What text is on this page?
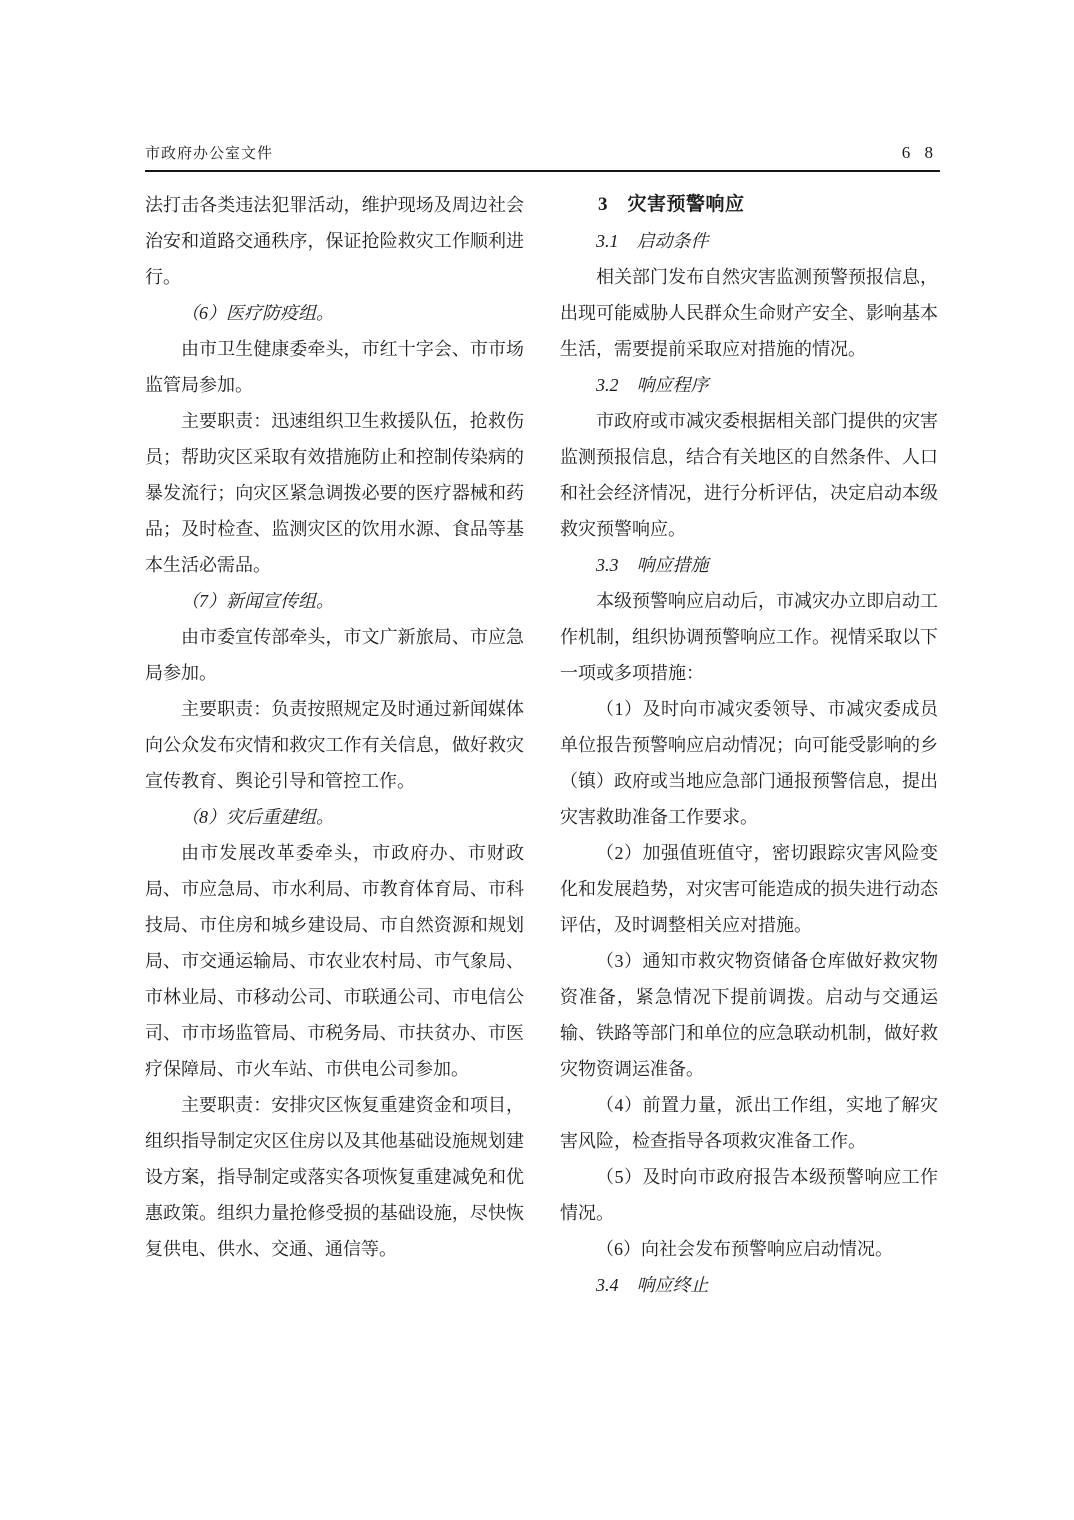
市政府办公室文件	6 8

法打击各类违法犯罪活动，维护现场及周边社会治安和道路交通秩序，保证抢险救灾工作顺利进行。

（6）医疗防疫组。

由市卫生健康委牵头，市红十字会、市市场监管局参加。

主要职责：迅速组织卫生救援队伍，抢救伤员；帮助灾区采取有效措施防止和控制传染病的暴发流行；向灾区紧急调拨必要的医疗器械和药品；及时检查、监测灾区的饮用水源、食品等基本生活必需品。

（7）新闻宣传组。

由市委宣传部牵头，市文广新旅局、市应急局参加。

主要职责：负责按照规定及时通过新闻媒体向公众发布灾情和救灾工作有关信息，做好救灾宣传教育、舆论引导和管控工作。

（8）灾后重建组。

由市发展改革委牵头，市政府办、市财政局、市应急局、市水利局、市教育体育局、市科技局、市住房和城乡建设局、市自然资源和规划局、市交通运输局、市农业农村局、市气象局、市林业局、市移动公司、市联通公司、市电信公司、市市场监管局、市税务局、市扶贫办、市医疗保障局、市火车站、市供电公司参加。

主要职责：安排灾区恢复重建资金和项目，组织指导制定灾区住房以及其他基础设施规划建设方案，指导制定或落实各项恢复重建减免和优惠政策。组织力量抢修受损的基础设施，尽快恢复供电、供水、交通、通信等。

3　灾害预警响应

3.1　启动条件

相关部门发布自然灾害监测预警预报信息，出现可能威胁人民群众生命财产安全、影响基本生活，需要提前采取应对措施的情况。

3.2　响应程序

市政府或市减灾委根据相关部门提供的灾害监测预报信息，结合有关地区的自然条件、人口和社会经济情况，进行分析评估，决定启动本级救灾预警响应。

3.3　响应措施

本级预警响应启动后，市减灾办立即启动工作机制，组织协调预警响应工作。视情采取以下一项或多项措施：

（1）及时向市减灾委领导、市减灾委成员单位报告预警响应启动情况；向可能受影响的乡（镇）政府或当地应急部门通报预警信息，提出灾害救助准备工作要求。

（2）加强值班值守，密切跟踪灾害风险变化和发展趋势，对灾害可能造成的损失进行动态评估，及时调整相关应对措施。

（3）通知市救灾物资储备仓库做好救灾物资准备，紧急情况下提前调拨。启动与交通运输、铁路等部门和单位的应急联动机制，做好救灾物资调运准备。

（4）前置力量，派出工作组，实地了解灾害风险，检查指导各项救灾准备工作。

（5）及时向市政府报告本级预警响应工作情况。

（6）向社会发布预警响应启动情况。

3.4　响应终止
